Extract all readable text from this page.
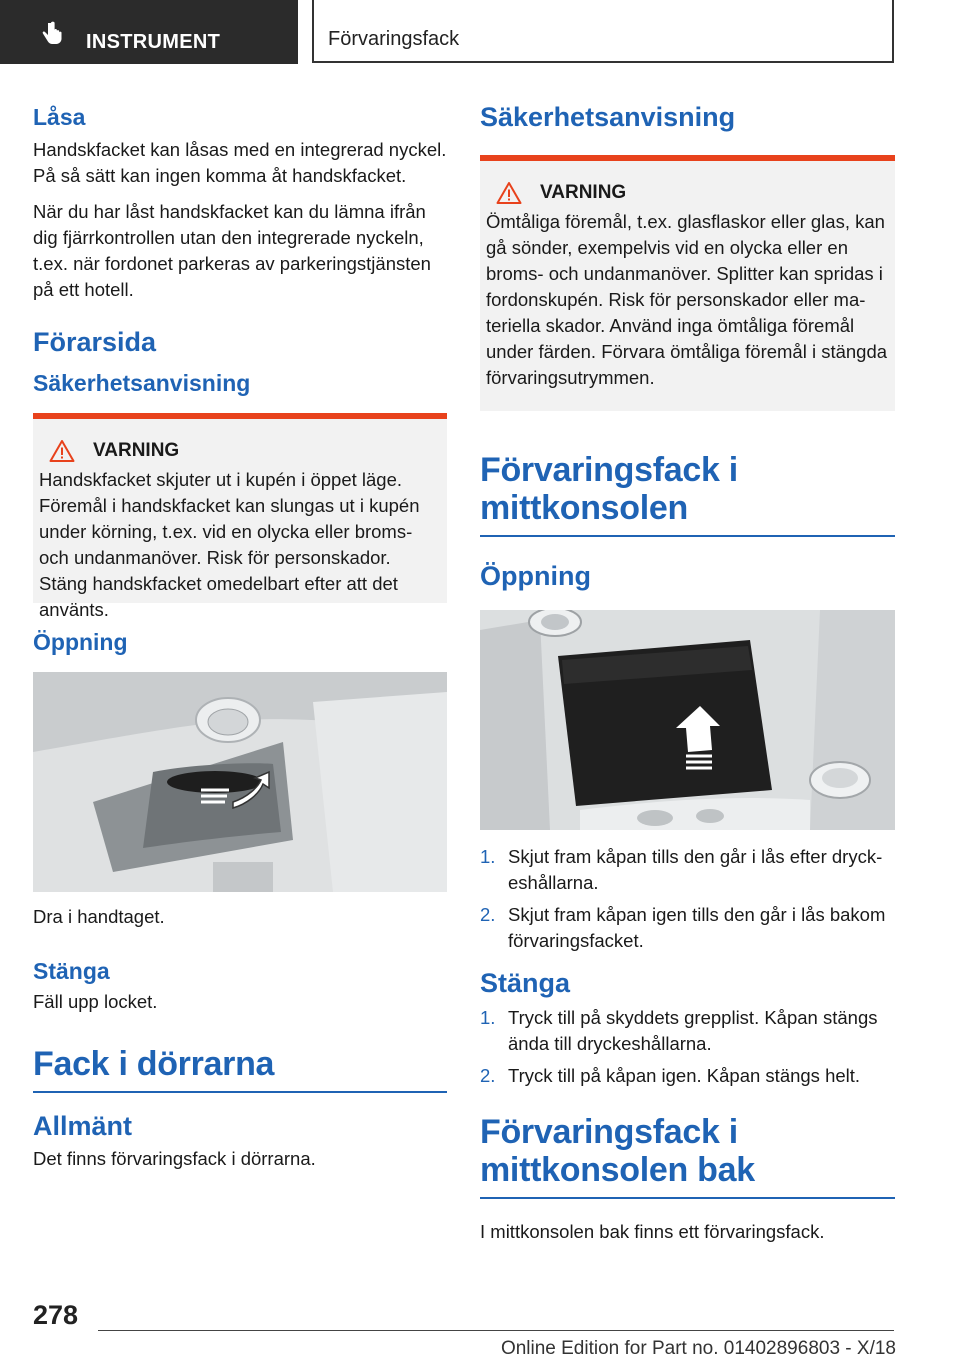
INSTRUMENT	Förvaringsfack
Låsa

Handskfacket kan låsas med en integrerad nyckel. På så sätt kan ingen komma åt handskfacket.

När du har låst handskfacket kan du lämna ifrån dig fjärrkontrollen utan den integrerade nyckeln, t.ex. när fordonet parkeras av parkeringstjänsten på ett hotell.

Förarsida
Säkerhetsanvisning
VARNING
Handskfacket skjuter ut i kupén i öppet läge. Föremål i handskfacket kan slungas ut i kupén under körning, t.ex. vid en olycka eller broms- och undanmanöver. Risk för personskador. Stäng handskfacket omedelbart efter att det använts.
Öppning

Dra i handtaget.

Stänga

Fäll upp locket.

Fack i dörrarna
Allmänt

Det finns förvaringsfack i dörrarna.

Säkerhetsanvisning
VARNING
Ömtåliga föremål, t.ex. glasflaskor eller glas, kan gå sönder, exempelvis vid en olycka eller en broms- och undanmanöver. Splitter kan spridas i fordonskupén. Risk för personskador eller materiella skador. Använd inga ömtåliga föremål under färden. Förvara ömtåliga föremål i stängda förvaringsutrymmen.
Förvaringsfack i mittkonsolen
Öppning
1. Skjut fram kåpan tills den går i lås efter dryckeshållarna.
2. Skjut fram kåpan igen tills den går i lås bakom förvaringsfacket.
Stänga
1. Tryck till på skyddets grepplist. Kåpan stängs ända till dryckeshållarna.
2. Tryck till på kåpan igen. Kåpan stängs helt.
Förvaringsfack i mittkonsolen bak

I mittkonsolen bak finns ett förvaringsfack.

278
Online Edition for Part no. 01402896803 - X/18
